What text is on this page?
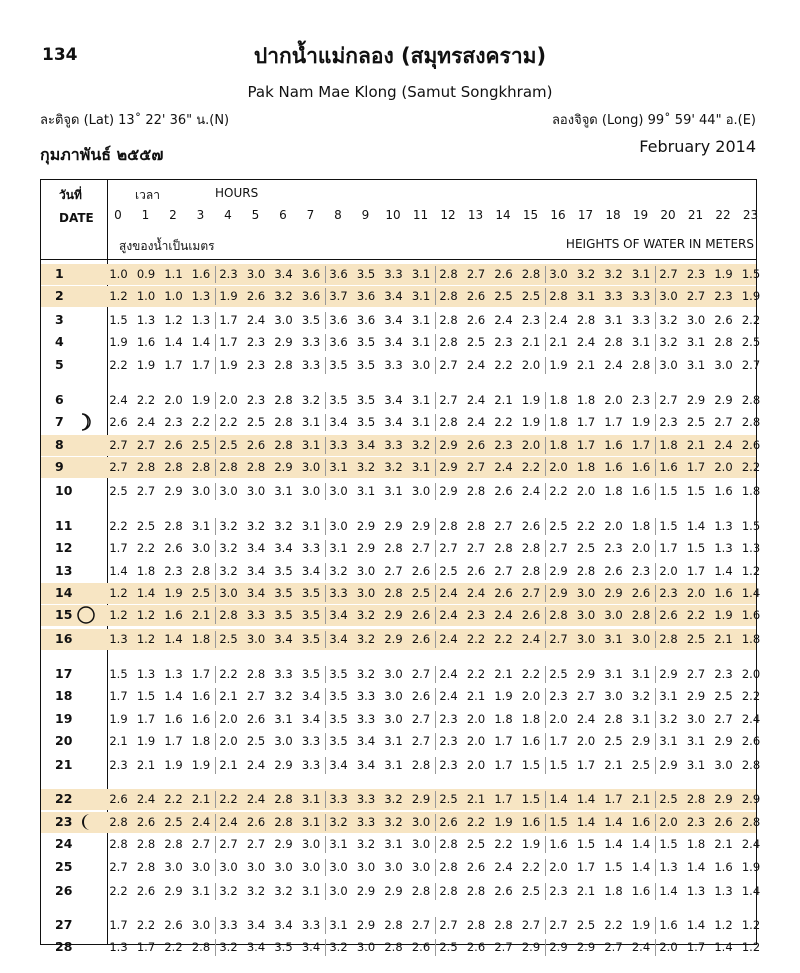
134	ปากน้ำแม่กลอง (สมุทรสงคราม)
Pak Nam Mae Klong (Samut Songkhram)
ละติจูด (Lat) 13˚ 22' 36" น.(N)	ลองจิจูด (Long) 99˚ 59' 44" อ.(E)
กุมภาพันธ์ ๒๕๕๗	February 2014
วันที่
DATE
เวลา	HOURS
0	1	2	3	4	5	6	7	8	9	10 11 12 13 14 15 16 17 18 19 20 21 22 23
สูงของน้ำเป็นเมตร	HEIGHTS OF WATER IN METERS
1	1.0 0.9 1.1 1.6 2.3 3.0 3.4 3.6 3.6 3.5 3.3 3.1 2.8 2.7 2.6 2.8 3.0 3.2 3.2 3.1 2.7 2.3 1.9 1.5
2	1.2 1.0 1.0 1.3 1.9 2.6 3.2 3.6 3.7 3.6 3.4 3.1 2.8 2.6 2.5 2.5 2.8 3.1 3.3 3.3 3.0 2.7 2.3 1.9
3	1.5 1.3 1.2 1.3 1.7 2.4 3.0 3.5 3.6 3.6 3.4 3.1 2.8 2.6 2.4 2.3 2.4 2.8 3.1 3.3 3.2 3.0 2.6 2.2
4	1.9 1.6 1.4 1.4 1.7 2.3 2.9 3.3 3.6 3.5 3.4 3.1 2.8 2.5 2.3 2.1 2.1 2.4 2.8 3.1 3.2 3.1 2.8 2.5
5	2.2 1.9 1.7 1.7 1.9 2.3 2.8 3.3 3.5 3.5 3.3 3.0 2.7 2.4 2.2 2.0 1.9 2.1 2.4 2.8 3.0 3.1 3.0 2.7
6	2.4 2.2 2.0 1.9 2.0 2.3 2.8 3.2 3.5 3.5 3.4 3.1 2.7 2.4 2.1 1.9 1.8 1.8 2.0 2.3 2.7 2.9 2.9 2.8
7	2.6 2.4 2.3 2.2 2.2 2.5 2.8 3.1 3.4 3.5 3.4 3.1 2.8 2.4 2.2 1.9 1.8 1.7 1.7 1.9 2.3 2.5 2.7 2.8
8	2.7 2.7 2.6 2.5 2.5 2.6 2.8 3.1 3.3 3.4 3.3 3.2 2.9 2.6 2.3 2.0 1.8 1.7 1.6 1.7 1.8 2.1 2.4 2.6
9	2.7 2.8 2.8 2.8 2.8 2.8 2.9 3.0 3.1 3.2 3.2 3.1 2.9 2.7 2.4 2.2 2.0 1.8 1.6 1.6 1.6 1.7 2.0 2.2
10	2.5 2.7 2.9 3.0 3.0 3.0 3.1 3.0 3.0 3.1 3.1 3.0 2.9 2.8 2.6 2.4 2.2 2.0 1.8 1.6 1.5 1.5 1.6 1.8
11	2.2 2.5 2.8 3.1 3.2 3.2 3.2 3.1 3.0 2.9 2.9 2.9 2.8 2.8 2.7 2.6 2.5 2.2 2.0 1.8 1.5 1.4 1.3 1.5
12	1.7 2.2 2.6 3.0 3.2 3.4 3.4 3.3 3.1 2.9 2.8 2.7 2.7 2.7 2.8 2.8 2.7 2.5 2.3 2.0 1.7 1.5 1.3 1.3
13	1.4 1.8 2.3 2.8 3.2 3.4 3.5 3.4 3.2 3.0 2.7 2.6 2.5 2.6 2.7 2.8 2.9 2.8 2.6 2.3 2.0 1.7 1.4 1.2
14	1.2 1.4 1.9 2.5 3.0 3.4 3.5 3.5 3.3 3.0 2.8 2.5 2.4 2.4 2.6 2.7 2.9 3.0 2.9 2.6 2.3 2.0 1.6 1.4
15	1.2 1.2 1.6 2.1 2.8 3.3 3.5 3.5 3.4 3.2 2.9 2.6 2.4 2.3 2.4 2.6 2.8 3.0 3.0 2.8 2.6 2.2 1.9 1.6
16	1.3 1.2 1.4 1.8 2.5 3.0 3.4 3.5 3.4 3.2 2.9 2.6 2.4 2.2 2.2 2.4 2.7 3.0 3.1 3.0 2.8 2.5 2.1 1.8
17	1.5 1.3 1.3 1.7 2.2 2.8 3.3 3.5 3.5 3.2 3.0 2.7 2.4 2.2 2.1 2.2 2.5 2.9 3.1 3.1 2.9 2.7 2.3 2.0
18	1.7 1.5 1.4 1.6 2.1 2.7 3.2 3.4 3.5 3.3 3.0 2.6 2.4 2.1 1.9 2.0 2.3 2.7 3.0 3.2 3.1 2.9 2.5 2.2
19	1.9 1.7 1.6 1.6 2.0 2.6 3.1 3.4 3.5 3.3 3.0 2.7 2.3 2.0 1.8 1.8 2.0 2.4 2.8 3.1 3.2 3.0 2.7 2.4
20	2.1 1.9 1.7 1.8 2.0 2.5 3.0 3.3 3.5 3.4 3.1 2.7 2.3 2.0 1.7 1.6 1.7 2.0 2.5 2.9 3.1 3.1 2.9 2.6
21	2.3 2.1 1.9 1.9 2.1 2.4 2.9 3.3 3.4 3.4 3.1 2.8 2.3 2.0 1.7 1.5 1.5 1.7 2.1 2.5 2.9 3.1 3.0 2.8
22	2.6 2.4 2.2 2.1 2.2 2.4 2.8 3.1 3.3 3.3 3.2 2.9 2.5 2.1 1.7 1.5 1.4 1.4 1.7 2.1 2.5 2.8 2.9 2.9
23	2.8 2.6 2.5 2.4 2.4 2.6 2.8 3.1 3.2 3.3 3.2 3.0 2.6 2.2 1.9 1.6 1.5 1.4 1.4 1.6 2.0 2.3 2.6 2.8
24	2.8 2.8 2.8 2.7 2.7 2.7 2.9 3.0 3.1 3.2 3.1 3.0 2.8 2.5 2.2 1.9 1.6 1.5 1.4 1.4 1.5 1.8 2.1 2.4
25	2.7 2.8 3.0 3.0 3.0 3.0 3.0 3.0 3.0 3.0 3.0 3.0 2.8 2.6 2.4 2.2 2.0 1.7 1.5 1.4 1.3 1.4 1.6 1.9
26	2.2 2.6 2.9 3.1 3.2 3.2 3.2 3.1 3.0 2.9 2.9 2.8 2.8 2.8 2.6 2.5 2.3 2.1 1.8 1.6 1.4 1.3 1.3 1.4
27	1.7 2.2 2.6 3.0 3.3 3.4 3.4 3.3 3.1 2.9 2.8 2.7 2.7 2.8 2.8 2.7 2.7 2.5 2.2 1.9 1.6 1.4 1.2 1.2
28	1.3 1.7 2.2 2.8 3.2 3.4 3.5 3.4 3.2 3.0 2.8 2.6 2.5 2.6 2.7 2.9 2.9 2.9 2.7 2.4 2.0 1.7 1.4 1.2
